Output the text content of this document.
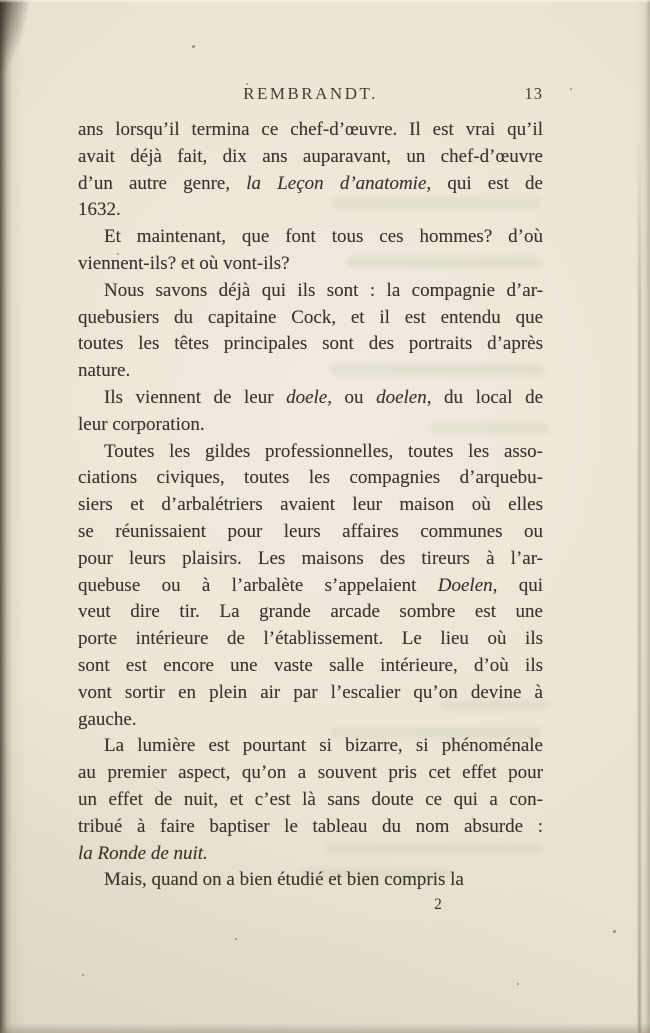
REMBRANDT.	13
ans lorsqu’il termina ce chef-d’œuvre. Il est vrai qu’il
avait déjà fait, dix ans auparavant, un chef-d’œuvre
d’un autre genre, la Leçon d’anatomie, qui est de
1632.
Et maintenant, que font tous ces hommes? d’où
viennent-ils? et où vont-ils?
Nous savons déjà qui ils sont : la compagnie d’ar-
quebusiers du capitaine Cock, et il est entendu que
toutes les têtes principales sont des portraits d’après
nature.
Ils viennent de leur doele, ou doelen, du local de
leur corporation.
Toutes les gildes professionnelles, toutes les asso-
ciations civiques, toutes les compagnies d’arquebu-
siers et d’arbalétriers avaient leur maison où elles
se réunissaient pour leurs affaires communes ou
pour leurs plaisirs. Les maisons des tireurs à l’ar-
quebuse ou à l’arbalète s’appelaient Doelen, qui
veut dire tir. La grande arcade sombre est une
porte intérieure de l’établissement. Le lieu où ils
sont est encore une vaste salle intérieure, d’où ils
vont sortir en plein air par l’escalier qu’on devine à
gauche.
La lumière est pourtant si bizarre, si phénoménale
au premier aspect, qu’on a souvent pris cet effet pour
un effet de nuit, et c’est là sans doute ce qui a con-
tribué à faire baptiser le tableau du nom absurde :
la Ronde de nuit.
Mais, quand on a bien étudié et bien compris la
2
